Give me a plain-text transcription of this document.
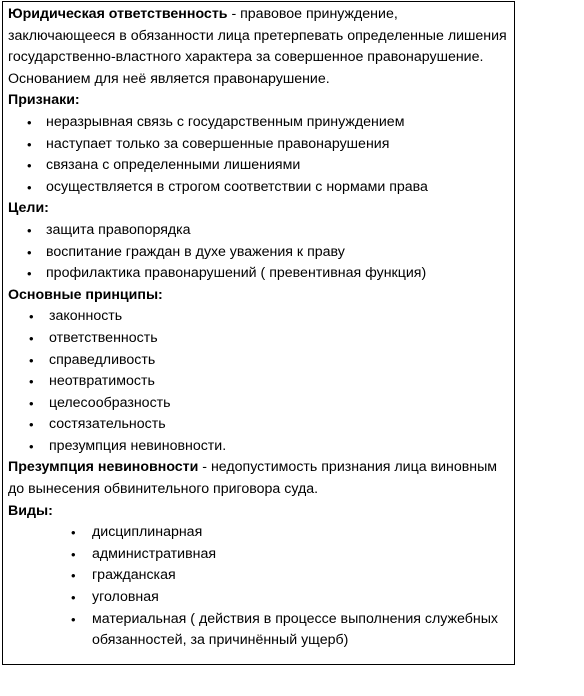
Юридическая ответственность - правовое принуждение, заключающееся в обязанности лица претерпевать определенные лишения государственно-властного характера за совершенное правонарушение. Основанием для неё является правонарушение.

Признаки:

• неразрывная связь с государственным принуждением
• наступает только за совершенные правонарушения
• связана с определенными лишениями
• осуществляется в строгом соответствии с нормами права

Цели:

• защита правопорядка
• воспитание граждан в духе уважения к праву
• профилактика правонарушений ( превентивная функция)

Основные принципы:

• законность
• ответственность
• справедливость
• неотвратимость
• целесообразность
• состязательность
• презумпция невиновности.

Презумпция невиновности - недопустимость признания лица виновным до вынесения обвинительного приговора суда.

Виды:

• дисциплинарная
• административная
• гражданская
• уголовная
• материальная ( действия в процессе выполнения служебных обязанностей, за причинённый ущерб)
